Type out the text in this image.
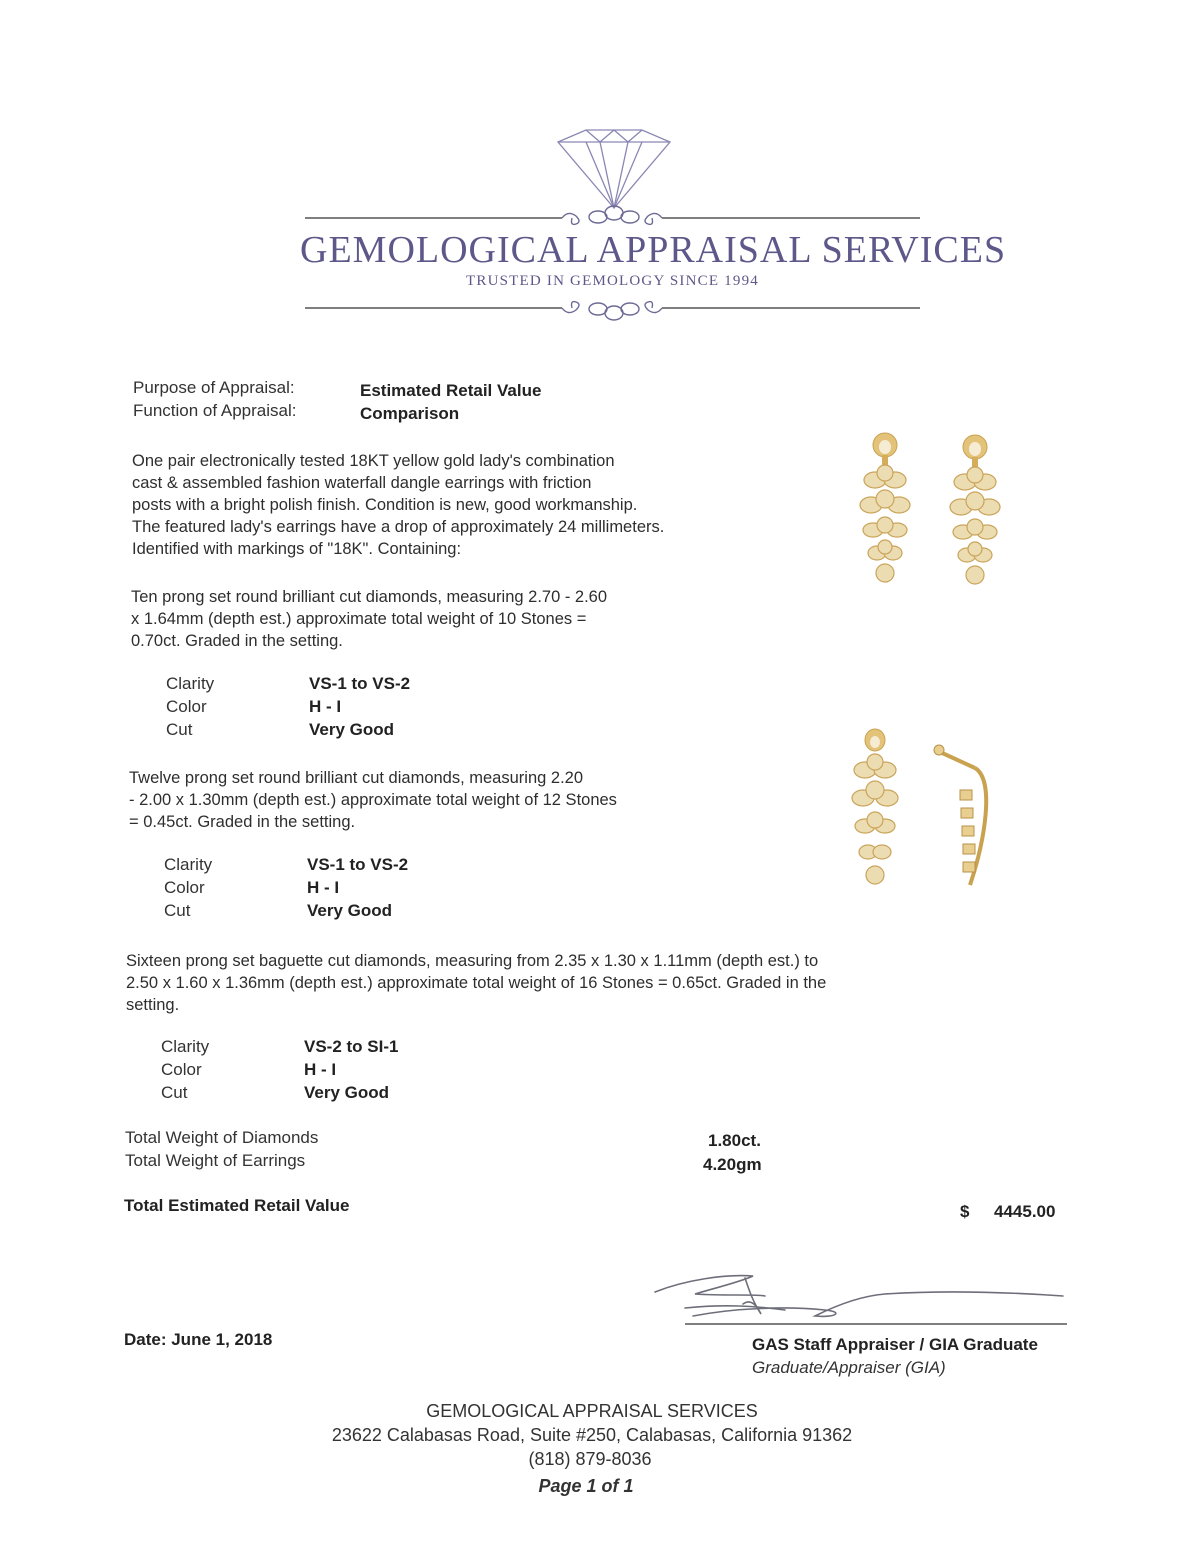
GEMOLOGICAL APPRAISAL SERVICES
TRUSTED IN GEMOLOGY SINCE 1994
Purpose of Appraisal:	Estimated Retail Value
Function of Appraisal:	Comparison
One pair electronically tested 18KT yellow gold lady's combination
cast & assembled fashion waterfall dangle earrings with friction
posts with a bright polish finish. Condition is new, good workmanship.
The featured lady's earrings have a drop of approximately 24 millimeters.
Identified with markings of "18K". Containing:
Ten prong set round brilliant cut diamonds, measuring 2.70 - 2.60
x 1.64mm (depth est.) approximate total weight of 10 Stones =
0.70ct. Graded in the setting.
Clarity	VS-1 to VS-2
Color	H - I
Cut	Very Good
Twelve prong set round brilliant cut diamonds, measuring 2.20
- 2.00 x 1.30mm (depth est.) approximate total weight of 12 Stones
= 0.45ct. Graded in the setting.
Clarity	VS-1 to VS-2
Color	H - I
Cut	Very Good
Sixteen prong set baguette cut diamonds, measuring from 2.35 x 1.30 x 1.11mm (depth est.) to
2.50 x 1.60 x 1.36mm (depth est.) approximate total weight of 16 Stones = 0.65ct. Graded in the
setting.
Clarity	VS-2 to SI-1
Color	H - I
Cut	Very Good
Total Weight of Diamonds	1.80ct.
Total Weight of Earrings	4.20gm
Total Estimated Retail Value	$ 4445.00
Date: June 1, 2018	GAS Staff Appraiser / GIA Graduate
Graduate/Appraiser (GIA)
GEMOLOGICAL APPRAISAL SERVICES
23622 Calabasas Road, Suite #250, Calabasas, California 91362
(818) 879-8036
Page 1 of 1
